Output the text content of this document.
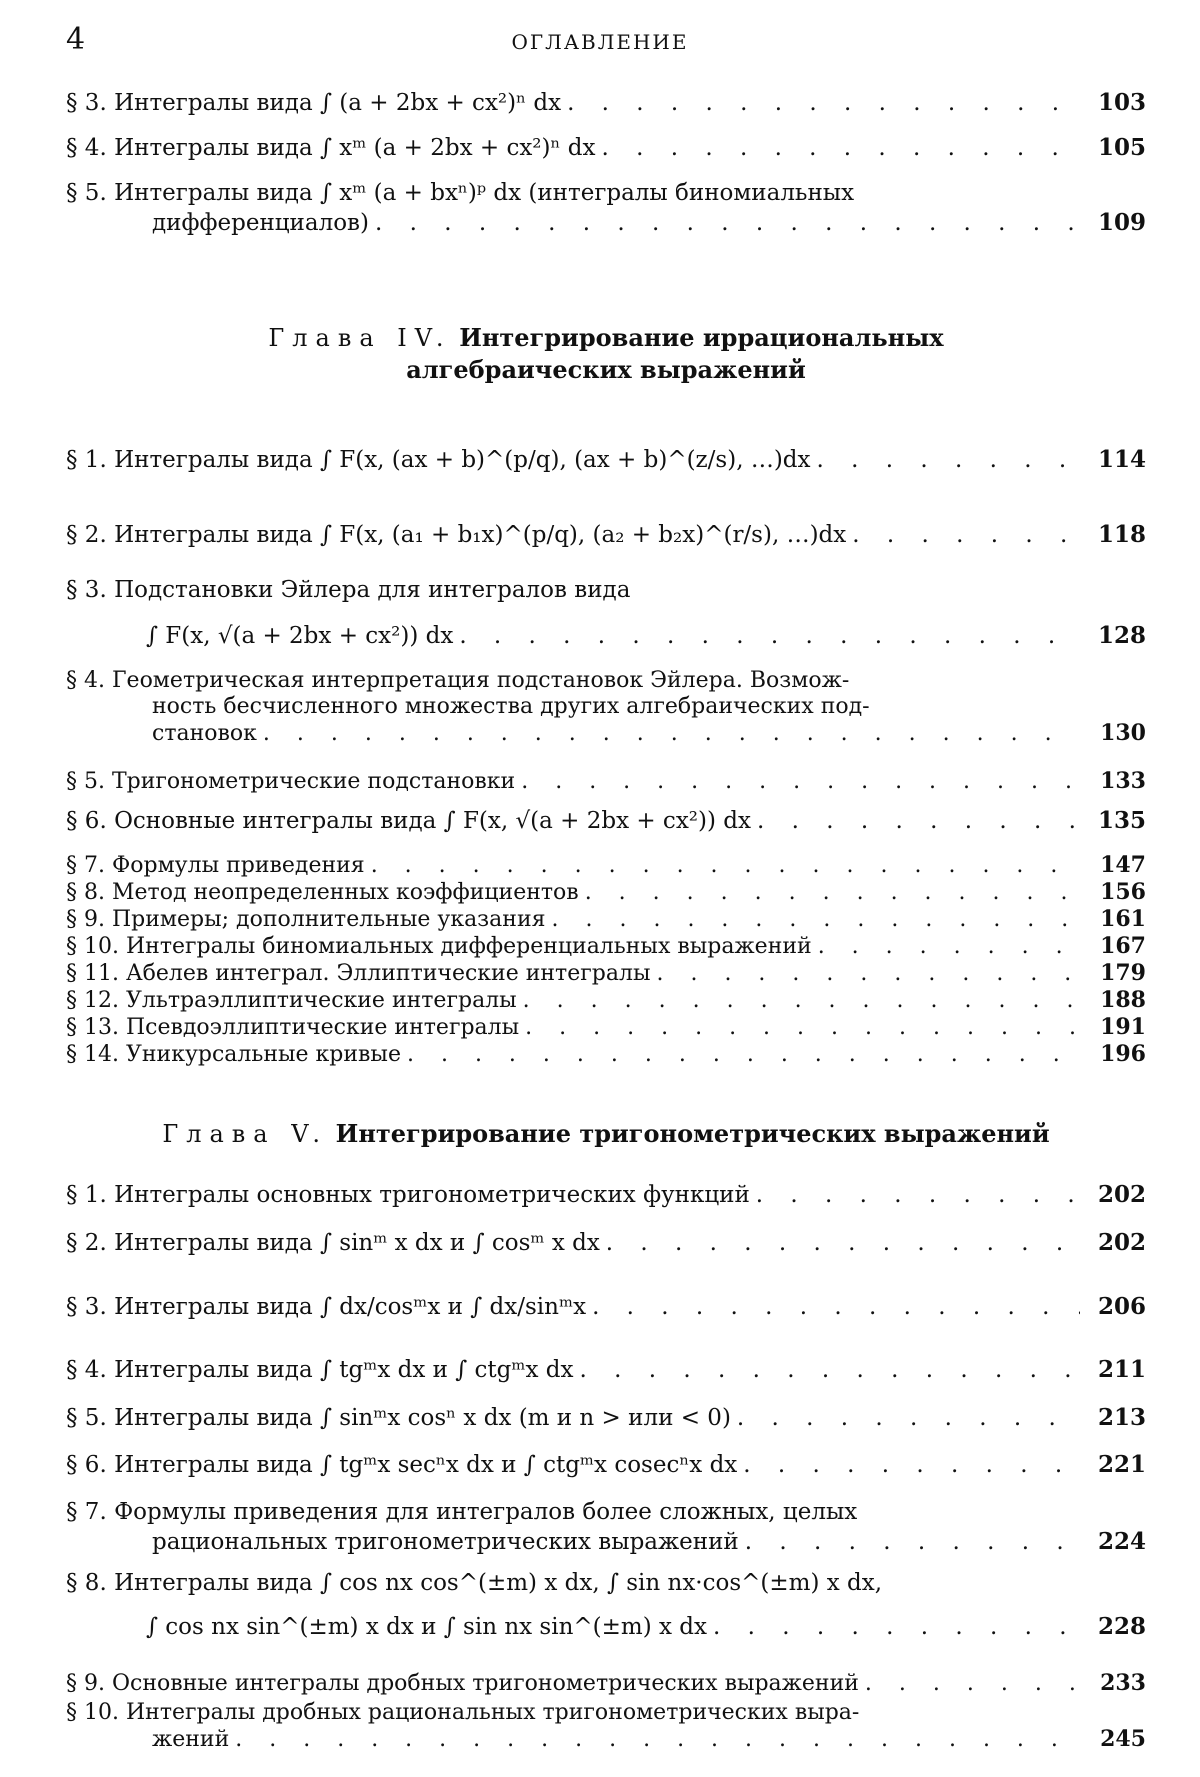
4	ОГЛАВЛЕНИЕ
§ 3. Интегралы вида ∫ (a + 2bx + cx²)ⁿ dx . . .	103
§ 4. Интегралы вида ∫ xᵐ (a + 2bx + cx²)ⁿ dx . . .	105
§ 5. Интегралы вида ∫ xᵐ (a + bxⁿ)ᵖ dx (интегралы биномиальных
дифференциалов) . . .	109
Глава IV. Интегрирование иррациональных
алгебраических выражений
§ 1. Интегралы вида ∫ F(x, (ax + b)^(p/q), (ax + b)^(z/s), …)dx . . .	114
§ 2. Интегралы вида ∫ F(x, (a₁ + b₁x)^(p/q), (a₂ + b₂x)^(r/s), …)dx . . .	118
§ 3. Подстановки Эйлера для интегралов вида
∫ F(x, √(a + 2bx + cx²)) dx . . .	128
§ 4. Геометрическая интерпретация подстановок Эйлера. Возмож-
ность бесчисленного множества других алгебраических под-
становок . . .	130
§ 5. Тригонометрические подстановки . . .	133
§ 6. Основные интегралы вида ∫ F(x, √(a + 2bx + cx²)) dx . . .	135
§ 7. Формулы приведения . . .	147
§ 8. Метод неопределенных коэффициентов . . .	156
§ 9. Примеры; дополнительные указания . . .	161
§ 10. Интегралы биномиальных дифференциальных выражений . . .	167
§ 11. Абелев интеграл. Эллиптические интегралы . . .	179
§ 12. Ультраэллиптические интегралы . . .	188
§ 13. Псевдоэллиптические интегралы . . .	191
§ 14. Уникурсальные кривые . . .	196
Глава V. Интегрирование тригонометрических выражений
§ 1. Интегралы основных тригонометрических функций . . .	202
§ 2. Интегралы вида ∫ sinᵐ x dx и ∫ cosᵐ x dx . . .	202
§ 3. Интегралы вида ∫ dx/cosᵐx и ∫ dx/sinᵐx . . .	206
§ 4. Интегралы вида ∫ tgᵐx dx и ∫ ctgᵐx dx . . .	211
§ 5. Интегралы вида ∫ sinᵐx cosⁿ x dx (m и n > или < 0) . . .	213
§ 6. Интегралы вида ∫ tgᵐx secⁿx dx и ∫ ctgᵐx cosecⁿx dx . . .	221
§ 7. Формулы приведения для интегралов более сложных, целых
рациональных тригонометрических выражений . . .	224
§ 8. Интегралы вида ∫ cos nx cos^(±m) x dx, ∫ sin nx·cos^(±m) x dx,
∫ cos nx sin^(±m) x dx и ∫ sin nx sin^(±m) x dx . . .	228
§ 9. Основные интегралы дробных тригонометрических выражений . . .	233
§ 10. Интегралы дробных рациональных тригонометрических выра-
жений . . .	245
